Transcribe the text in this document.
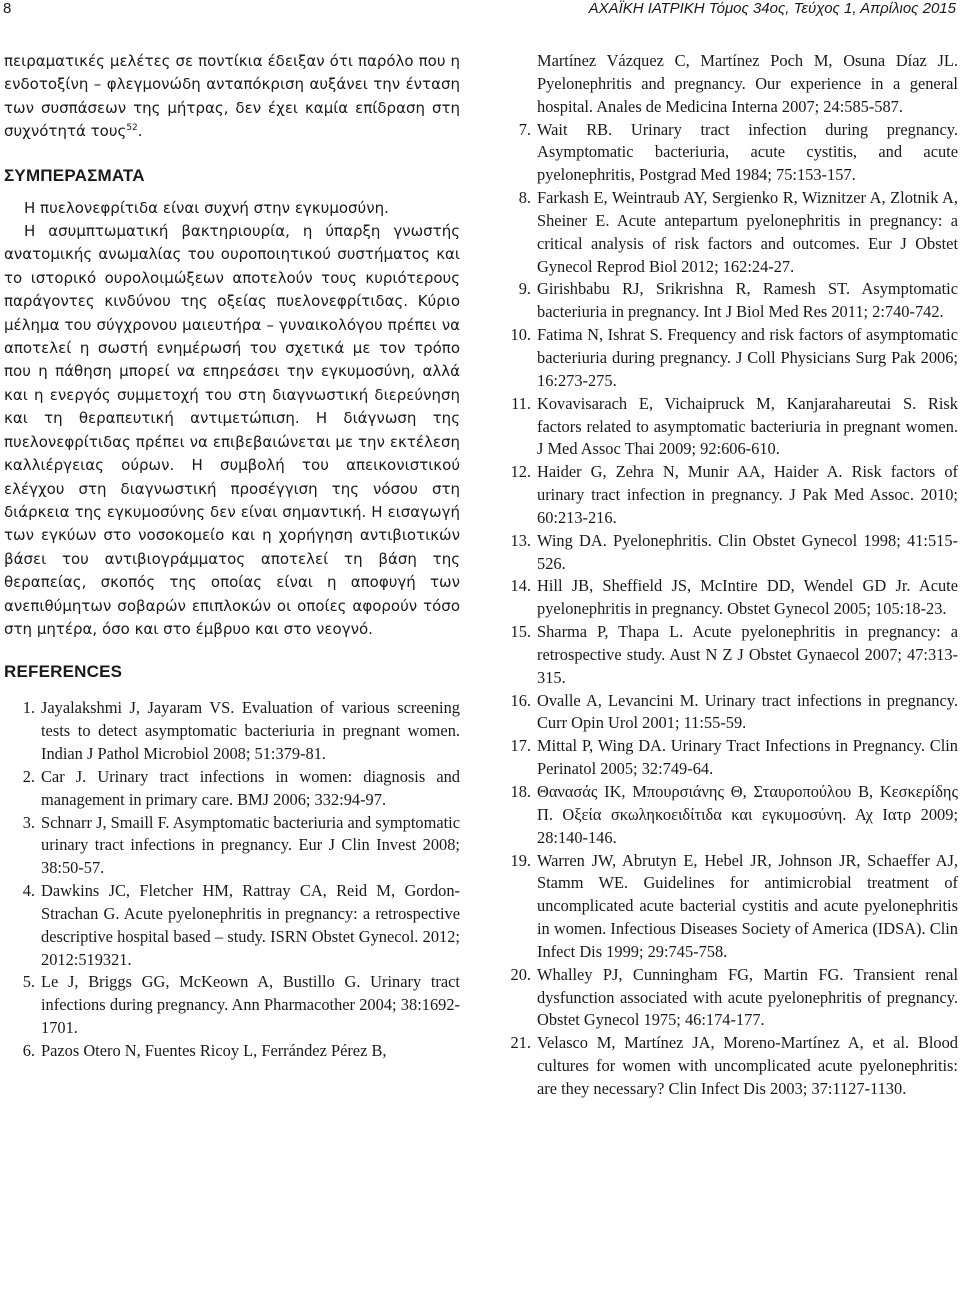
8	ΑΧΑΪΚΗ ΙΑΤΡΙΚΗ Τόμος 34ος, Τεύχος 1, Απρίλιος 2015

πειραματικές μελέτες σε ποντίκια έδειξαν ότι παρόλο που η ενδοτοξίνη – φλεγμονώδη ανταπόκριση αυξάνει την ένταση των συσπάσεων της μήτρας, δεν έχει καμία επίδραση στη συχνότητά τους$^{52}$.

ΣΥΜΠΕΡΑΣΜΑΤΑ

Η πυελονεφρίτιδα είναι συχνή στην εγκυμοσύνη.

Η ασυμπτωματική βακτηριουρία, η ύπαρξη γνωστής ανατομικής ανωμαλίας του ουροποιητικού συστήματος και το ιστορικό ουρολοιμώξεων αποτελούν τους κυριότερους παράγοντες κινδύνου της οξείας πυελονεφρίτιδας. Κύριο μέλημα του σύγχρονου μαιευτήρα – γυναικολόγου πρέπει να αποτελεί η σωστή ενημέρωσή του σχετικά με τον τρόπο που η πάθηση μπορεί να επηρεάσει την εγκυμοσύνη, αλλά και η ενεργός συμμετοχή του στη διαγνωστική διερεύνηση και τη θεραπευτική αντιμετώπιση. Η διάγνωση της πυελονεφρίτιδας πρέπει να επιβεβαιώνεται με την εκτέλεση καλλιέργειας ούρων. Η συμβολή του απεικονιστικού ελέγχου στη διαγνωστική προσέγγιση της νόσου στη διάρκεια της εγκυμοσύνης δεν είναι σημαντική. Η εισαγωγή των εγκύων στο νοσοκομείο και η χορήγηση αντιβιοτικών βάσει του αντιβιογράμματος αποτελεί τη βάση της θεραπείας, σκοπός της οποίας είναι η αποφυγή των ανεπιθύμητων σοβαρών επιπλοκών οι οποίες αφορούν τόσο στη μητέρα, όσο και στο έμβρυο και στο νεογνό.

REFERENCES
1. Jayalakshmi J, Jayaram VS. Evaluation of various screening tests to detect asymptomatic bacteriuria in pregnant women. Indian J Pathol Microbiol 2008; 51:379-81.
2. Car J. Urinary tract infections in women: diagnosis and management in primary care. BMJ 2006; 332:94-97.
3. Schnarr J, Smaill F. Asymptomatic bacteriuria and symptomatic urinary tract infections in pregnancy. Eur J Clin Invest 2008; 38:50-57.
4. Dawkins JC, Fletcher HM, Rattray CA, Reid M, Gordon-Strachan G. Acute pyelonephritis in pregnancy: a retrospective descriptive hospital based – study. ISRN Obstet Gynecol. 2012; 2012:519321.
5. Le J, Briggs GG, McKeown A, Bustillo G. Urinary tract infections during pregnancy. Ann Pharmacother 2004; 38:1692-1701.
6. Pazos Otero N, Fuentes Ricoy L, Ferrández Pérez B,
Martínez Vázquez C, Martínez Poch M, Osuna Díaz JL. Pyelonephritis and pregnancy. Our experience in a general hospital. Anales de Medicina Interna 2007; 24:585-587.
7. Wait RB. Urinary tract infection during pregnancy. Asymptomatic bacteriuria, acute cystitis, and acute pyelonephritis, Postgrad Med 1984; 75:153-157.
8. Farkash E, Weintraub AY, Sergienko R, Wiznitzer A, Zlotnik A, Sheiner E. Acute antepartum pyelonephritis in pregnancy: a critical analysis of risk factors and outcomes. Eur J Obstet Gynecol Reprod Biol 2012; 162:24-27.
9. Girishbabu RJ, Srikrishna R, Ramesh ST. Asymptomatic bacteriuria in pregnancy. Int J Biol Med Res 2011; 2:740-742.
10. Fatima N, Ishrat S. Frequency and risk factors of asymptomatic bacteriuria during pregnancy. J Coll Physicians Surg Pak 2006; 16:273-275.
11. Kovavisarach E, Vichaipruck M, Kanjarahareutai S. Risk factors related to asymptomatic bacteriuria in pregnant women. J Med Assoc Thai 2009; 92:606-610.
12. Haider G, Zehra N, Munir AA, Haider A. Risk factors of urinary tract infection in pregnancy. J Pak Med Assoc. 2010; 60:213-216.
13. Wing DA. Pyelonephritis. Clin Obstet Gynecol 1998; 41:515-526.
14. Hill JB, Sheffield JS, McIntire DD, Wendel GD Jr. Acute pyelonephritis in pregnancy. Obstet Gynecol 2005; 105:18-23.
15. Sharma P, Thapa L. Acute pyelonephritis in pregnancy: a retrospective study. Aust N Z J Obstet Gynaecol 2007; 47:313-315.
16. Ovalle A, Levancini M. Urinary tract infections in pregnancy. Curr Opin Urol 2001; 11:55-59.
17. Mittal P, Wing DA. Urinary Tract Infections in Pregnancy. Clin Perinatol 2005; 32:749-64.
18. Θανασάς ΙΚ, Μπουρσιάνης Θ, Σταυροπούλου Β, Κεσκερίδης Π. Οξεία σκωληκοειδίτιδα και εγκυμοσύνη. Αχ Ιατρ 2009; 28:140-146.
19. Warren JW, Abrutyn E, Hebel JR, Johnson JR, Schaeffer AJ, Stamm WE. Guidelines for antimicrobial treatment of uncomplicated acute bacterial cystitis and acute pyelonephritis in women. Infectious Diseases Society of America (IDSA). Clin Infect Dis 1999; 29:745-758.
20. Whalley PJ, Cunningham FG, Martin FG. Transient renal dysfunction associated with acute pyelonephritis of pregnancy. Obstet Gynecol 1975; 46:174-177.
21. Velasco M, Martínez JA, Moreno-Martínez A, et al. Blood cultures for women with uncomplicated acute pyelonephritis: are they necessary? Clin Infect Dis 2003; 37:1127-1130.
